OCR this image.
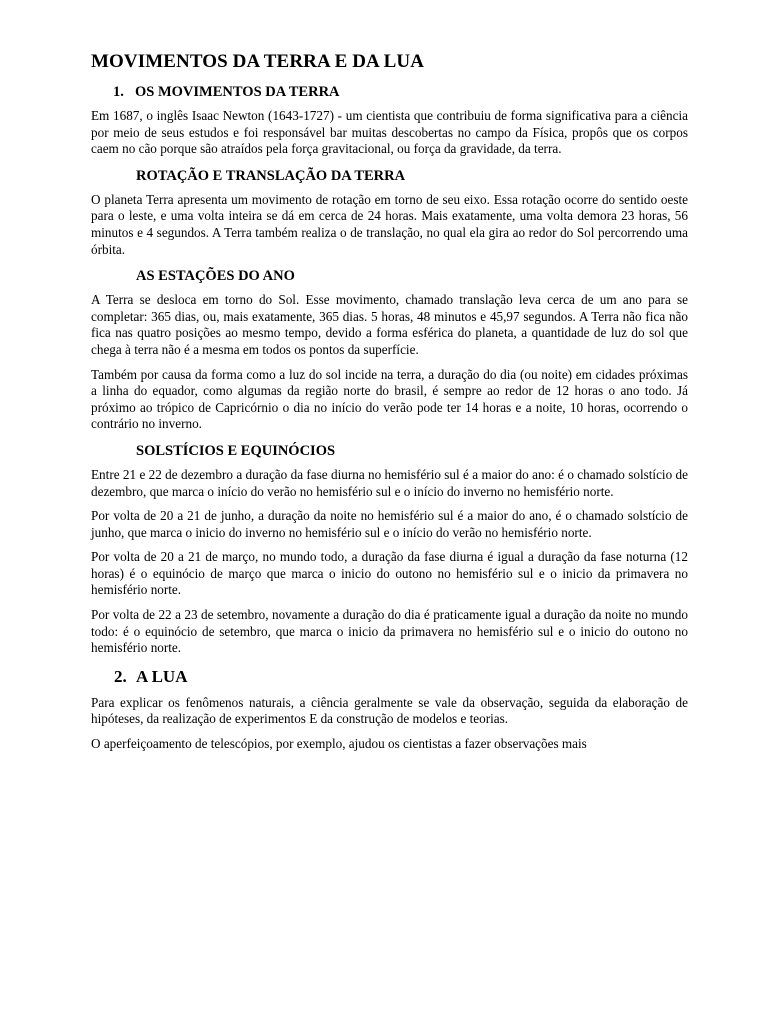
MOVIMENTOS DA TERRA E DA LUA
1. OS MOVIMENTOS DA TERRA

Em 1687, o inglês Isaac Newton (1643-1727) - um cientista que contribuiu de forma significativa para a ciência por meio de seus estudos e foi responsável bar muitas descobertas no campo da Física, propôs que os corpos caem no cão porque são atraídos pela força gravitacional, ou força da gravidade, da terra.

ROTAÇÃO E TRANSLAÇÃO DA TERRA

O planeta Terra apresenta um movimento de rotação em torno de seu eixo. Essa rotação ocorre do sentido oeste para o leste, e uma volta inteira se dá em cerca de 24 horas. Mais exatamente, uma volta demora 23 horas, 56 minutos e 4 segundos. A Terra também realiza o de translação, no qual ela gira ao redor do Sol percorrendo uma órbita.

AS ESTAÇÕES DO ANO

A Terra se desloca em torno do Sol. Esse movimento, chamado translação leva cerca de um ano para se completar: 365 dias, ou, mais exatamente, 365 dias. 5 horas, 48 minutos e 45,97 segundos. A Terra não fica não fica nas quatro posições ao mesmo tempo, devido a forma esférica do planeta, a quantidade de luz do sol que chega à terra não é a mesma em todos os pontos da superfície.

Também por causa da forma como a luz do sol incide na terra, a duração do dia (ou noite) em cidades próximas a linha do equador, como algumas da região norte do brasil, é sempre ao redor de 12 horas o ano todo. Já próximo ao trópico de Capricórnio o dia no início do verão pode ter 14 horas e a noite, 10 horas, ocorrendo o contrário no inverno.

SOLSTÍCIOS E EQUINÓCIOS

Entre 21 e 22 de dezembro a duração da fase diurna no hemisfério sul é a maior do ano: é o chamado solstício de dezembro, que marca o início do verão no hemisfério sul e o início do inverno no hemisfério norte.

Por volta de 20 a 21 de junho, a duração da noite no hemisfério sul é a maior do ano, é o chamado solstício de junho, que marca o inicio do inverno no hemisfério sul e o início do verão no hemisfério norte.

Por volta de 20 a 21 de março, no mundo todo, a duração da fase diurna é igual a duração da fase noturna (12 horas) é o equinócio de março que marca o inicio do outono no hemisfério sul e o inicio da primavera no hemisfério norte.

Por volta de 22 a 23 de setembro, novamente a duração do dia é praticamente igual a duração da noite no mundo todo: é o equinócio de setembro, que marca o inicio da primavera no hemisfério sul e o inicio do outono no hemisfério norte.

2. A LUA

Para explicar os fenômenos naturais, a ciência geralmente se vale da observação, seguida da elaboração de hipóteses, da realização de experimentos E da construção de modelos e teorias.

O aperfeiçoamento de telescópios, por exemplo, ajudou os cientistas a fazer observações mais
